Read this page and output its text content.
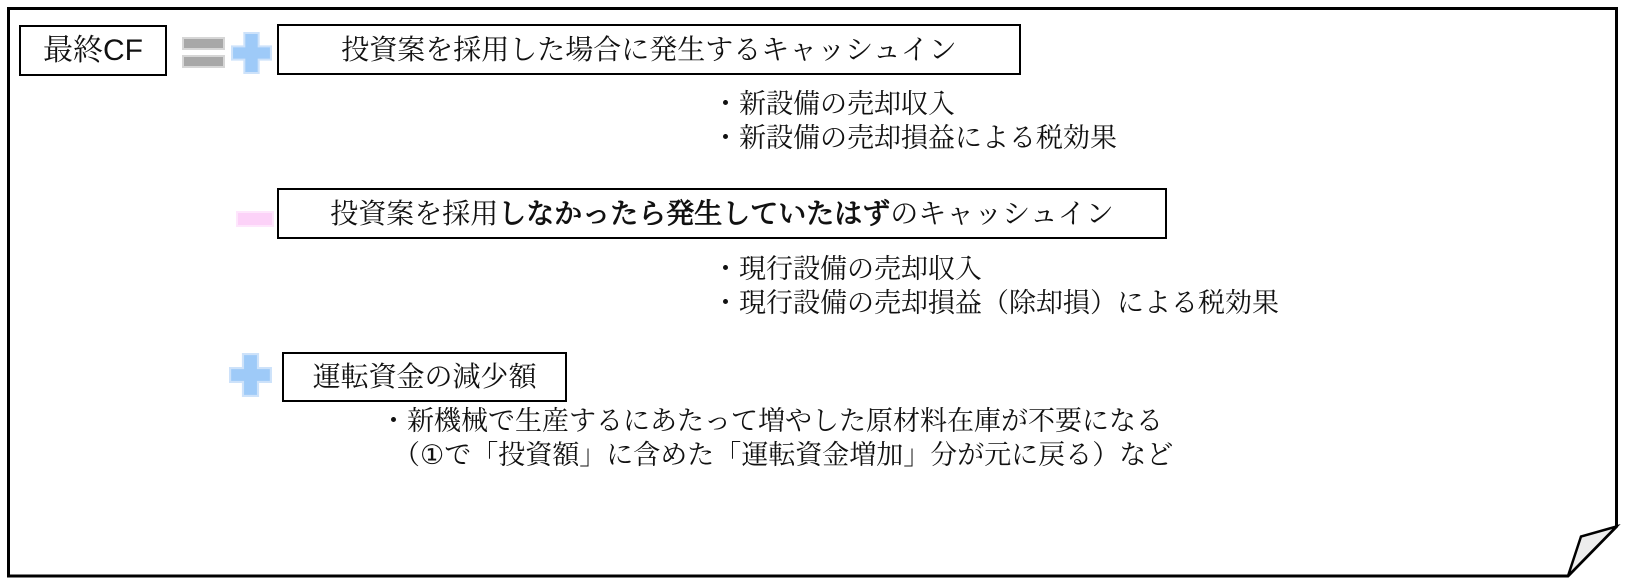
最終CF	投資案を採用した場合に発生するキャッシュイン
・新設備の売却収入
・新設備の売却損益による税効果
投資案を採用しなかったら発生していたはずのキャッシュイン
・現行設備の売却収入
・現行設備の売却損益（除却損）による税効果
運転資金の減少額
・新機械で生産するにあたって増やした原材料在庫が不要になる
（①で「投資額」に含めた「運転資金増加」分が元に戻る）など
